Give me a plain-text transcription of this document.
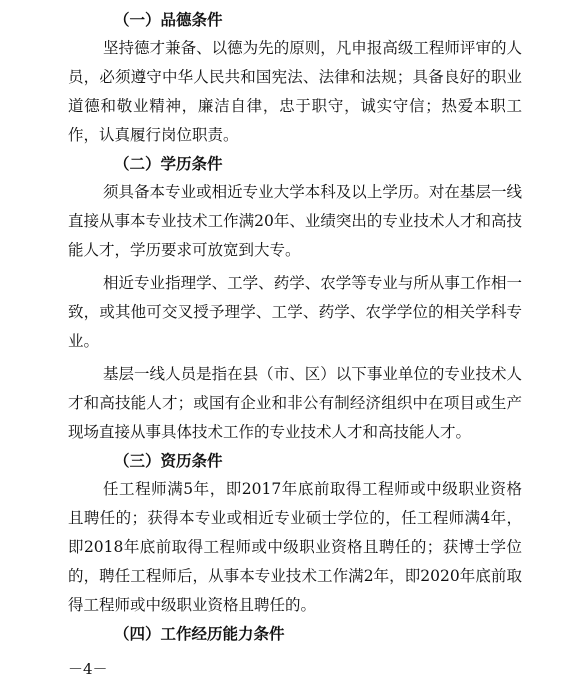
（一）品德条件

坚持德才兼备、以德为先的原则，凡申报高级工程师评审的人员，必须遵守中华人民共和国宪法、法律和法规；具备良好的职业道德和敬业精神，廉洁自律，忠于职守，诚实守信；热爱本职工作，认真履行岗位职责。

（二）学历条件

须具备本专业或相近专业大学本科及以上学历。对在基层一线直接从事本专业技术工作满20年、业绩突出的专业技术人才和高技能人才，学历要求可放宽到大专。

相近专业指理学、工学、药学、农学等专业与所从事工作相一致，或其他可交叉授予理学、工学、药学、农学学位的相关学科专业。

基层一线人员是指在县（市、区）以下事业单位的专业技术人才和高技能人才；或国有企业和非公有制经济组织中在项目或生产现场直接从事具体技术工作的专业技术人才和高技能人才。

（三）资历条件

任工程师满5年，即2017年底前取得工程师或中级职业资格且聘任的；获得本专业或相近专业硕士学位的，任工程师满4年，即2018年底前取得工程师或中级职业资格且聘任的；获博士学位的，聘任工程师后，从事本专业技术工作满2年，即2020年底前取得工程师或中级职业资格且聘任的。

（四）工作经历能力条件
－4－
